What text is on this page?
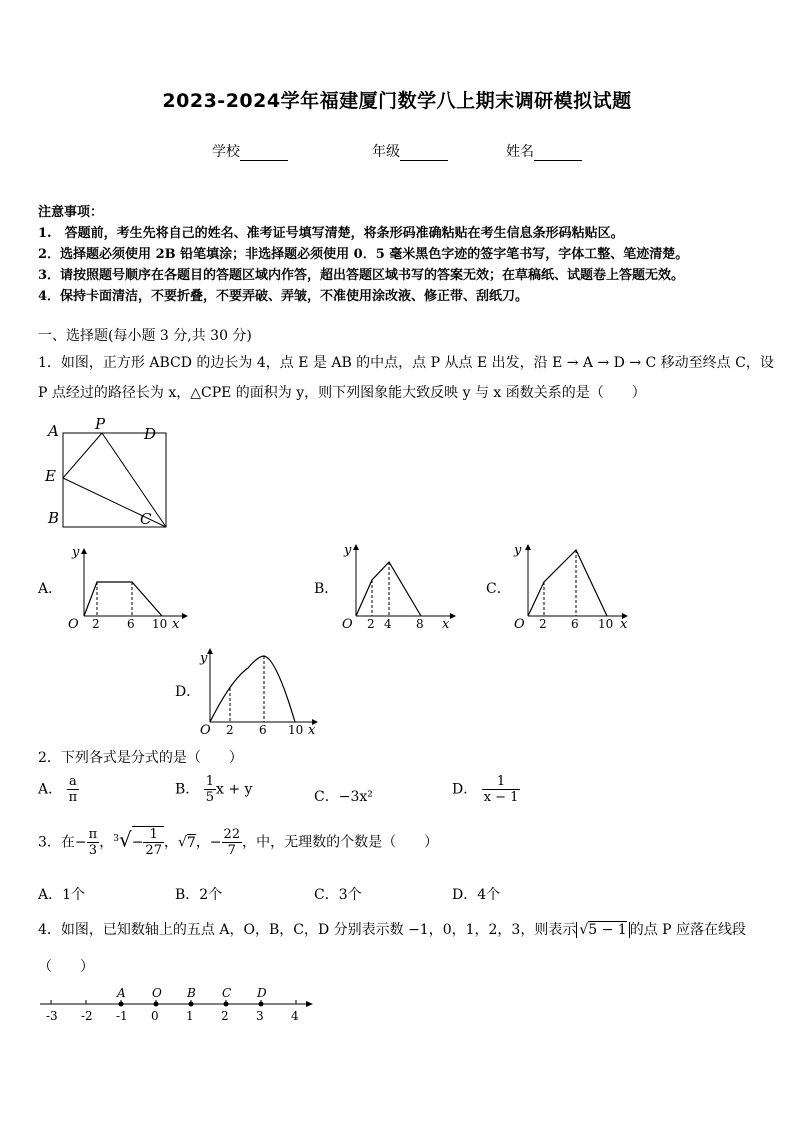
2023-2024学年福建厦门数学八上期末调研模拟试题
学校	年级	姓名
注意事项：
1.　答题前，考生先将自己的姓名、准考证号填写清楚，将条形码准确粘贴在考生信息条形码粘贴区。
2．选择题必须使用 2B 铅笔填涂；非选择题必须使用 0．5 毫米黑色字迹的签字笔书写，字体工整、笔迹清楚。
3．请按照题号顺序在各题目的答题区域内作答，超出答题区域书写的答案无效；在草稿纸、试题卷上答题无效。
4．保持卡面清洁，不要折叠，不要弄破、弄皱，不准使用涂改液、修正带、刮纸刀。
一、选择题(每小题 3 分,共 30 分)
1．如图，正方形 ABCD 的边长为 4，点 E 是 AB 的中点，点 P 从点 E 出发，沿 E → A → D → C 移动至终点 C，设
P 点经过的路径长为 x，△CPE 的面积为 y，则下列图象能大致反映 y 与 x 函数关系的是（　　）
A P
D
E
B	C
A．
y
O 2 6 10 x
B．
y
O 2 4 8 x
C．
y
O 2 6 10 x
D．
y
O 2 6 10 x
2．下列各式是分式的是（　　）
A． $\frac{a}{\pi}$	B． $\frac{1}{5}$ x + y	C．−3x²	D． $\frac{1}{x - 1}$
3．在− $\frac{\pi}{3}$ ，$^3√- \frac{1}{27}$ ，√7，− $\frac{22}{7}$ ，中，无理数的个数是（　　）
A．1个	B．2个	C．3个	D．4个
4．如图，已知数轴上的五点 A，O，B，C，D 分别表示数 −1，0，1，2，3，则表示 √5 − 1 的点 P 应落在线段
（　　）
-3 -2 -1 0 1 2 3 4
A O B C D
